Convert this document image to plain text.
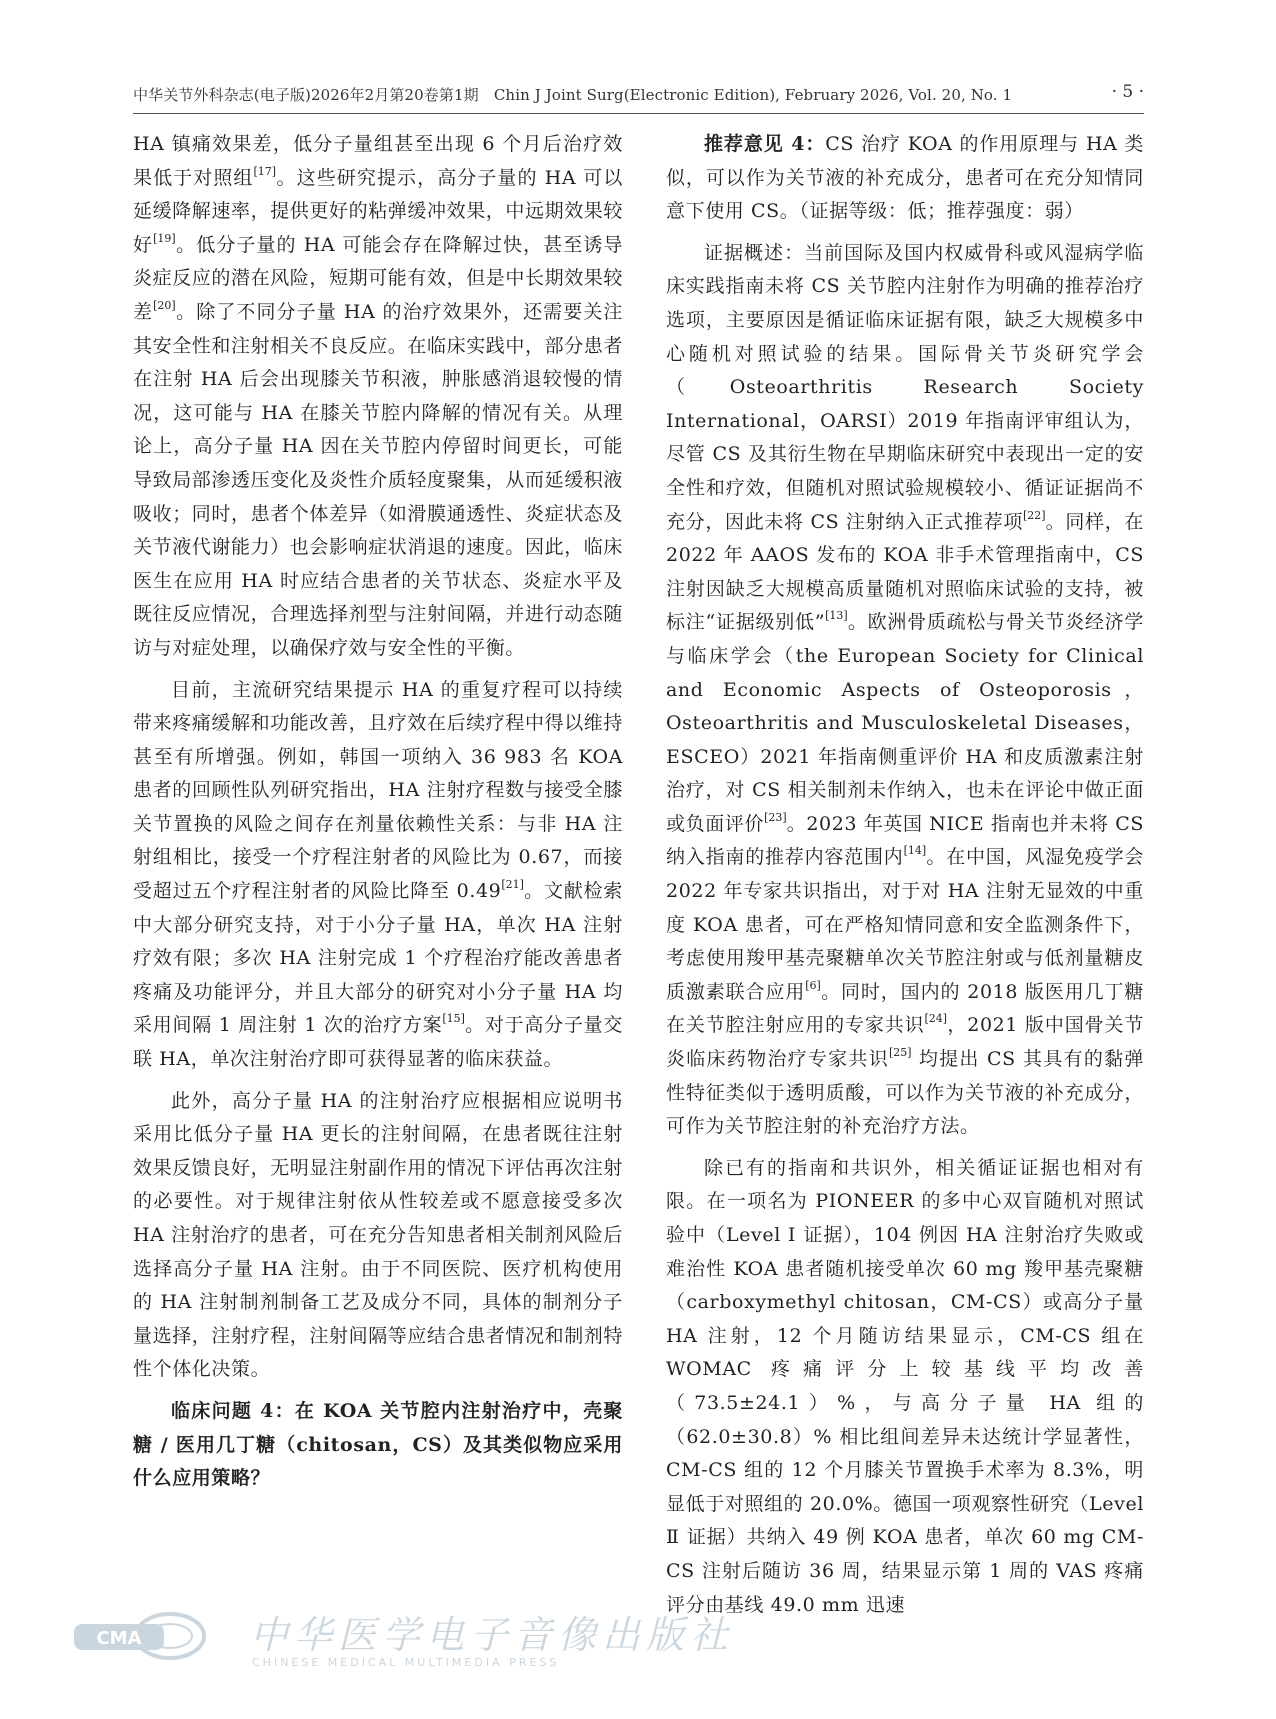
中华关节外科杂志(电子版)2026年2月第20卷第1期　Chin J Joint Surg(Electronic Edition), February 2026, Vol. 20, No. 1	· 5 ·

HA 镇痛效果差，低分子量组甚至出现 6 个月后治疗效果低于对照组[17]。这些研究提示，高分子量的 HA 可以延缓降解速率，提供更好的粘弹缓冲效果，中远期效果较好[19]。低分子量的 HA 可能会存在降解过快，甚至诱导炎症反应的潜在风险，短期可能有效，但是中长期效果较差[20]。除了不同分子量 HA 的治疗效果外，还需要关注其安全性和注射相关不良反应。在临床实践中，部分患者在注射 HA 后会出现膝关节积液，肿胀感消退较慢的情况，这可能与 HA 在膝关节腔内降解的情况有关。从理论上，高分子量 HA 因在关节腔内停留时间更长，可能导致局部渗透压变化及炎性介质轻度聚集，从而延缓积液吸收；同时，患者个体差异（如滑膜通透性、炎症状态及关节液代谢能力）也会影响症状消退的速度。因此，临床医生在应用 HA 时应结合患者的关节状态、炎症水平及既往反应情况，合理选择剂型与注射间隔，并进行动态随访与对症处理，以确保疗效与安全性的平衡。

目前，主流研究结果提示 HA 的重复疗程可以持续带来疼痛缓解和功能改善，且疗效在后续疗程中得以维持甚至有所增强。例如，韩国一项纳入 36 983 名 KOA 患者的回顾性队列研究指出，HA 注射疗程数与接受全膝关节置换的风险之间存在剂量依赖性关系：与非 HA 注射组相比，接受一个疗程注射者的风险比为 0.67，而接受超过五个疗程注射者的风险比降至 0.49[21]。文献检索中大部分研究支持，对于小分子量 HA，单次 HA 注射疗效有限；多次 HA 注射完成 1 个疗程治疗能改善患者疼痛及功能评分，并且大部分的研究对小分子量 HA 均采用间隔 1 周注射 1 次的治疗方案[15]。对于高分子量交联 HA，单次注射治疗即可获得显著的临床获益。

此外，高分子量 HA 的注射治疗应根据相应说明书采用比低分子量 HA 更长的注射间隔，在患者既往注射效果反馈良好，无明显注射副作用的情况下评估再次注射的必要性。对于规律注射依从性较差或不愿意接受多次 HA 注射治疗的患者，可在充分告知患者相关制剂风险后选择高分子量 HA 注射。由于不同医院、医疗机构使用的 HA 注射制剂制备工艺及成分不同，具体的制剂分子量选择，注射疗程，注射间隔等应结合患者情况和制剂特性个体化决策。

临床问题 4：在 KOA 关节腔内注射治疗中，壳聚糖 / 医用几丁糖（chitosan，CS）及其类似物应采用什么应用策略？

推荐意见 4：CS 治疗 KOA 的作用原理与 HA 类似，可以作为关节液的补充成分，患者可在充分知情同意下使用 CS。（证据等级：低；推荐强度：弱）

证据概述：当前国际及国内权威骨科或风湿病学临床实践指南未将 CS 关节腔内注射作为明确的推荐治疗选项，主要原因是循证临床证据有限，缺乏大规模多中心随机对照试验的结果。国际骨关节炎研究学会（Osteoarthritis Research Society International，OARSI）2019 年指南评审组认为，尽管 CS 及其衍生物在早期临床研究中表现出一定的安全性和疗效，但随机对照试验规模较小、循证证据尚不充分，因此未将 CS 注射纳入正式推荐项[22]。同样，在 2022 年 AAOS 发布的 KOA 非手术管理指南中，CS 注射因缺乏大规模高质量随机对照临床试验的支持，被标注“证据级别低”[13]。欧洲骨质疏松与骨关节炎经济学与临床学会（the European Society for Clinical and Economic Aspects of Osteoporosis，Osteoarthritis and Musculoskeletal Diseases，ESCEO）2021 年指南侧重评价 HA 和皮质激素注射治疗，对 CS 相关制剂未作纳入，也未在评论中做正面或负面评价[23]。2023 年英国 NICE 指南也并未将 CS 纳入指南的推荐内容范围内[14]。在中国，风湿免疫学会 2022 年专家共识指出，对于对 HA 注射无显效的中重度 KOA 患者，可在严格知情同意和安全监测条件下，考虑使用羧甲基壳聚糖单次关节腔注射或与低剂量糖皮质激素联合应用[6]。同时，国内的 2018 版医用几丁糖在关节腔注射应用的专家共识[24]，2021 版中国骨关节炎临床药物治疗专家共识[25] 均提出 CS 其具有的黏弹性特征类似于透明质酸，可以作为关节液的补充成分，可作为关节腔注射的补充治疗方法。

除已有的指南和共识外，相关循证证据也相对有限。在一项名为 PIONEER 的多中心双盲随机对照试验中（Level Ⅰ 证据），104 例因 HA 注射治疗失败或难治性 KOA 患者随机接受单次 60 mg 羧甲基壳聚糖（carboxymethyl chitosan，CM-CS）或高分子量 HA 注射，12 个月随访结果显示，CM-CS 组在 WOMAC 疼痛评分上较基线平均改善（73.5±24.1）%，与高分子量 HA 组的（62.0±30.8）% 相比组间差异未达统计学显著性，CM-CS 组的 12 个月膝关节置换手术率为 8.3%，明显低于对照组的 20.0%。德国一项观察性研究（Level Ⅱ 证据）共纳入 49 例 KOA 患者，单次 60 mg CM-CS 注射后随访 36 周，结果显示第 1 周的 VAS 疼痛评分由基线 49.0 mm 迅速

CMA	中华医学电子音像出版社
CHINESE MEDICAL MULTIMEDIA PRESS
